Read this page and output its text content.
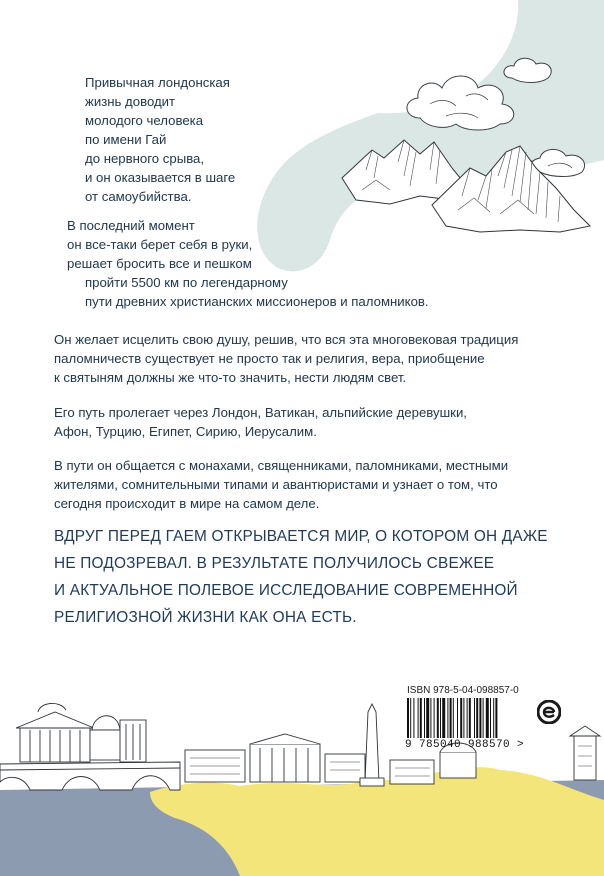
Привычная лондонская
жизнь доводит
молодого человека
по имени Гай
до нервного срыва,
и он оказывается в шаге
от самоубийства.

В последний момент
он все-таки берет себя в руки,
решает бросить все и пешком
пройти 5500 км по легендарному
пути древних христианских миссионеров и паломников.

Он желает исцелить свою душу, решив, что вся эта многовековая традиция
паломничеств существует не просто так и религия, вера, приобщение
к святыням должны же что-то значить, нести людям свет.

Его путь пролегает через Лондон, Ватикан, альпийские деревушки,
Афон, Турцию, Египет, Сирию, Иерусалим.

В пути он общается с монахами, священниками, паломниками, местными
жителями, сомнительными типами и авантюристами и узнает о том, что
сегодня происходит в мире на самом деле.

ВДРУГ ПЕРЕД ГАЕМ ОТКРЫВАЕТСЯ МИР, О КОТОРОМ ОН ДАЖЕ
НЕ ПОДОЗРЕВАЛ. В РЕЗУЛЬТАТЕ ПОЛУЧИЛОСЬ СВЕЖЕЕ
И АКТУАЛЬНОЕ ПОЛЕВОЕ ИССЛЕДОВАНИЕ СОВРЕМЕННОЙ
РЕЛИГИОЗНОЙ ЖИЗНИ КАК ОНА ЕСТЬ.
ISBN 978-5-04-098857-0
9 785040 988570 >
